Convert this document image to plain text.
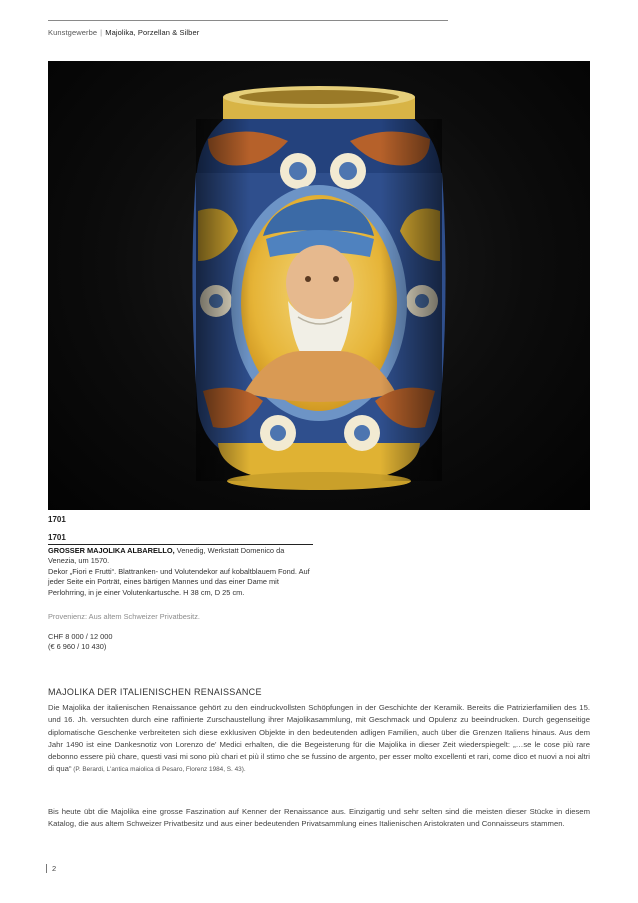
Kunstgewerbe | Majolika, Porzellan & Silber
1701
1701
GROSSER MAJOLIKA ALBARELLO, Venedig, Werkstatt Domenico da Venezia, um 1570.
Dekor „Fiori e Frutti“. Blattranken- und Volutendekor auf kobaltblauem Fond. Auf jeder Seite ein Porträt, eines bärtigen Mannes und das einer Dame mit Perlohrring, in je einer Volutenkartusche. H 38 cm, D 25 cm.
Provenienz: Aus altem Schweizer Privatbesitz.
CHF 8 000 / 12 000
(€ 6 960 / 10 430)
MAJOLIKA DER ITALIENISCHEN RENAISSANCE

Die Majolika der italienischen Renaissance gehört zu den eindruckvollsten Schöpfungen in der Geschichte der Keramik. Bereits die Patrizierfamilien des 15. und 16. Jh. versuchten durch eine raffinierte Zurschaustellung ihrer Majolikasammlung, mit Geschmack und Opulenz zu beeindrucken. Durch gegenseitige diplomatische Geschenke verbreiteten sich diese exklusiven Objekte in den bedeutenden adligen Familien, auch über die Grenzen Italiens hinaus. Aus dem Jahr 1490 ist eine Dankesnotiz von Lorenzo de' Medici erhalten, die die Begeisterung für die Majolika in dieser Zeit wiederspiegelt: „…se le cose più rare debonno essere più chare, questi vasi mi sono più chari et più il stimo che se fussino de argento, per esser molto excellenti et rari, come dico et nuovi a noi altri di qua“ (P. Berardi, L'antica maiolica di Pesaro, Florenz 1984, S. 43).

Bis heute übt die Majolika eine grosse Faszination auf Kenner der Renaissance aus. Einzigartig und sehr selten sind die meisten dieser Stücke in diesem Katalog, die aus altem Schweizer Privatbesitz und aus einer bedeutenden Privatsammlung eines Italienischen Aristokraten und Connaisseurs stammen.

2
